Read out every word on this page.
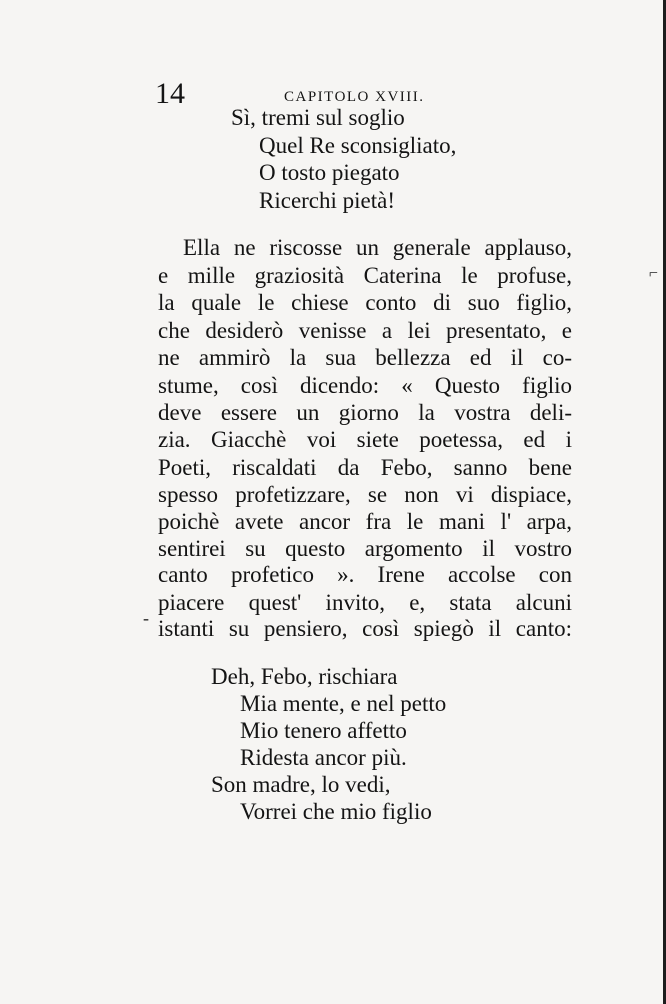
14	CAPITOLO XVIII.
Sì, tremi sul soglio
Quel Re sconsigliato,
O tosto piegato
Ricerchi pietà!
Ella ne riscosse un generale applauso,
e mille graziosità Caterina le profuse,
la quale le chiese conto di suo figlio,
che desiderò venisse a lei presentato, e
ne ammirò la sua bellezza ed il co-
stume, così dicendo: « Questo figlio
deve essere un giorno la vostra deli-
zia. Giacchè voi siete poetessa, ed i
Poeti, riscaldati da Febo, sanno bene
spesso profetizzare, se non vi dispiace,
poichè avete ancor fra le mani l' arpa,
sentirei su questo argomento il vostro
canto profetico ». Irene accolse con
piacere quest' invito, e, stata alcuni
istanti su pensiero, così spiegò il canto:
Deh, Febo, rischiara
Mia mente, e nel petto
Mio tenero affetto
Ridesta ancor più.
Son madre, lo vedi,
Vorrei che mio figlio
⌐
-
